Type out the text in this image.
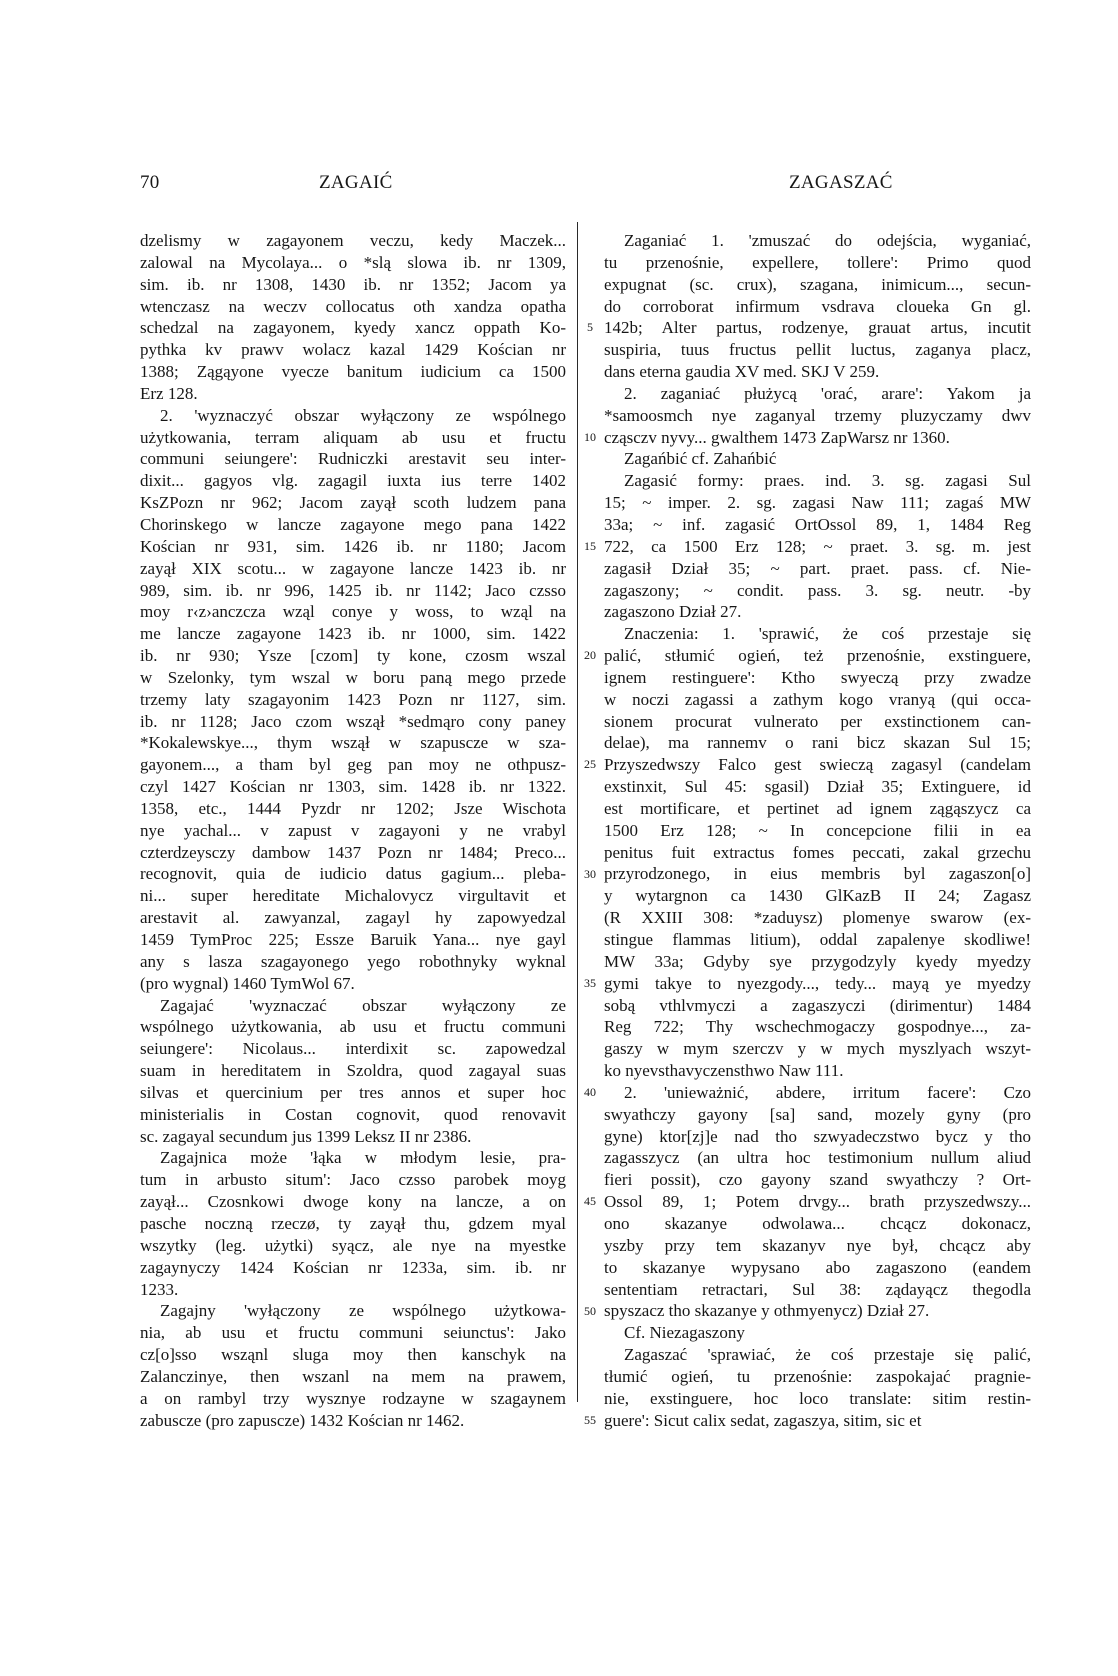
70	ZAGAIĆ	ZAGASZAĆ
dzelismy w zagayonem veczu, kedy Maczek...
zalowal na Mycolaya... o *slą slowa ib. nr 1309,
sim. ib. nr 1308, 1430 ib. nr 1352; Jacom ya
wtenczasz na weczv collocatus oth xandza opatha
schedzal na zagayonem, kyedy xancz oppath Ko-
pythka kv prawv wolacz kazal 1429 Kościan nr
1388; Zągąyone vyecze banitum iudicium ca 1500
Erz 128.
2. 'wyznaczyć obszar wyłączony ze wspólnego
użytkowania, terram aliquam ab usu et fructu
communi seiungere': Rudniczki arestavit seu inter-
dixit... gagyos vlg. zagagil iuxta ius terre 1402
KsZPozn nr 962; Jacom zayął scoth ludzem pana
Chorinskego w lancze zagayone mego pana 1422
Kościan nr 931, sim. 1426 ib. nr 1180; Jacom
zayął XIX scotu... w zagayone lancze 1423 ib. nr
989, sim. ib. nr 996, 1425 ib. nr 1142; Jaco czsso
moy r‹z›anczcza wząl conye y woss, to wząl na
me lancze zagayone 1423 ib. nr 1000, sim. 1422
ib. nr 930; Ysze [czom] ty kone, czosm wszal
w Szelonky, tym wszal w boru paną mego przede
trzemy laty szagayonim 1423 Pozn nr 1127, sim.
ib. nr 1128; Jaco czom wszął *sedmąro cony paney
*Kokalewskye..., thym wszął w szapuscze w sza-
gayonem..., a tham byl geg pan moy ne othpusz-
czyl 1427 Kościan nr 1303, sim. 1428 ib. nr 1322.
1358, etc., 1444 Pyzdr nr 1202; Jsze Wischota
nye yachal... v zapust v zagayoni y ne vrabyl
czterdzeysczy dambow 1437 Pozn nr 1484; Preco...
recognovit, quia de iudicio datus gagium... pleba-
ni... super hereditate Michalovycz virgultavit et
arestavit al. zawyanzal, zagayl hy zapowyedzal
1459 TymProc 225; Essze Baruik Yana... nye gayl
any s lasza szagayonego yego robothnyky wyknal
(pro wygnal) 1460 TymWol 67.
Zagajać 'wyznaczać obszar wyłączony ze
wspólnego użytkowania, ab usu et fructu communi
seiungere': Nicolaus... interdixit sc. zapowedzal
suam in hereditatem in Szoldra, quod zagayal suas
silvas et quercinium per tres annos et super hoc
ministerialis in Costan cognovit, quod renovavit
sc. zagayal secundum jus 1399 Leksz II nr 2386.
Zagajnica może 'łąka w młodym lesie, pra-
tum in arbusto situm': Jaco czsso parobek moyg
zayął... Czosnkowi dwoge kony na lancze, a on
pasche noczną rzeczø, ty zayął thu, gdzem myal
wszytky (leg. użytki) syącz, ale nye na myestke
zagaynyczy 1424 Kościan nr 1233a, sim. ib. nr
1233.
Zagajny 'wyłączony ze wspólnego użytkowa-
nia, ab usu et fructu communi seiunctus': Jako
cz[o]sso wsząnl sluga moy then kanschyk na
Zalanczinye, then wszanl na mem na prawem,
a on rambyl trzy wysznye rodzayne w szagaynem
zabuscze (pro zapuscze) 1432 Kościan nr 1462.
5
10
15
20
25
30
35
40
45
50
55
Zaganiać 1. 'zmuszać do odejścia, wyganiać,
tu przenośnie, expellere, tollere': Primo quod
expugnat (sc. crux), szagana, inimicum..., secun-
do corroborat infirmum vsdrava cloueka Gn gl.
142b; Alter partus, rodzenye, grauat artus, incutit
suspiria, tuus fructus pellit luctus, zaganya placz,
dans eterna gaudia XV med. SKJ V 259.
2. zaganiać płużycą 'orać, arare': Yakom ja
*samoosmch nye zaganyal trzemy pluzyczamy dwv
cząsczv nyvy... gwalthem 1473 ZapWarsz nr 1360.
Zagańbić cf. Zahańbić
Zagasić formy: praes. ind. 3. sg. zagasi Sul
15; ~ imper. 2. sg. zagasi Naw 111; zagaś MW
33a; ~ inf. zagasić OrtOssol 89, 1, 1484 Reg
722, ca 1500 Erz 128; ~ praet. 3. sg. m. jest
zagasił Dział 35; ~ part. praet. pass. cf. Nie-
zagaszony; ~ condit. pass. 3. sg. neutr. -by
zagaszono Dział 27.
Znaczenia: 1. 'sprawić, że coś przestaje się
palić, stłumić ogień, też przenośnie, exstinguere,
ignem restinguere': Ktho swyeczą przy zwadze
w noczi zagassi a zathym kogo vranyą (qui occa-
sionem procurat vulnerato per exstinctionem can-
delae), ma rannemv o rani bicz skazan Sul 15;
Przyszedwszy Falco gest swieczą zagasyl (candelam
exstinxit, Sul 45: sgasil) Dział 35; Extinguere, id
est mortificare, et pertinet ad ignem zągąszycz ca
1500 Erz 128; ~ In concepcione filii in ea
penitus fuit extractus fomes peccati, zakal grzechu
przyrodzonego, in eius membris byl zagaszon[o]
y wytargnon ca 1430 GlKazB II 24; Zagasz
(R XXIII 308: *zaduysz) plomenye swarow (ex-
stingue flammas litium), oddal zapalenye skodliwe!
MW 33a; Gdyby sye przygodzyly kyedy myedzy
gymi takye to nyezgody..., tedy... mayą ye myedzy
sobą vthlvmyczi a zagaszyczi (dirimentur) 1484
Reg 722; Thy wschechmogaczy gospodnye..., za-
gaszy w mym szerczv y w mych myszlyach wszyt-
ko nyevsthavyczensthwo Naw 111.
2. 'unieważnić, abdere, irritum facere': Czo
swyathczy gayony [sa] sand, mozely gyny (pro
gyne) ktor[zj]e nad tho szwyadeczstwo bycz y tho
zagasszycz (an ultra hoc testimonium nullum aliud
fieri possit), czo gayony szand swyathczy ? Ort-
Ossol 89, 1; Potem drvgy... brath przyszedwszy...
ono skazanye odwolawa... chcącz dokonacz,
yszby przy tem skazanyv nye był, chcącz aby
to skazanye wypysano abo zagaszono (eandem
sententiam retractari, Sul 38: ządayącz thegodla
spyszacz tho skazanye y othmyenycz) Dział 27.
Cf. Niezagaszony
Zagaszać 'sprawiać, że coś przestaje się palić,
tłumić ogień, tu przenośnie: zaspokajać pragnie-
nie, exstinguere, hoc loco translate: sitim restin-
guere': Sicut calix sedat, zagaszya, sitim, sic et
